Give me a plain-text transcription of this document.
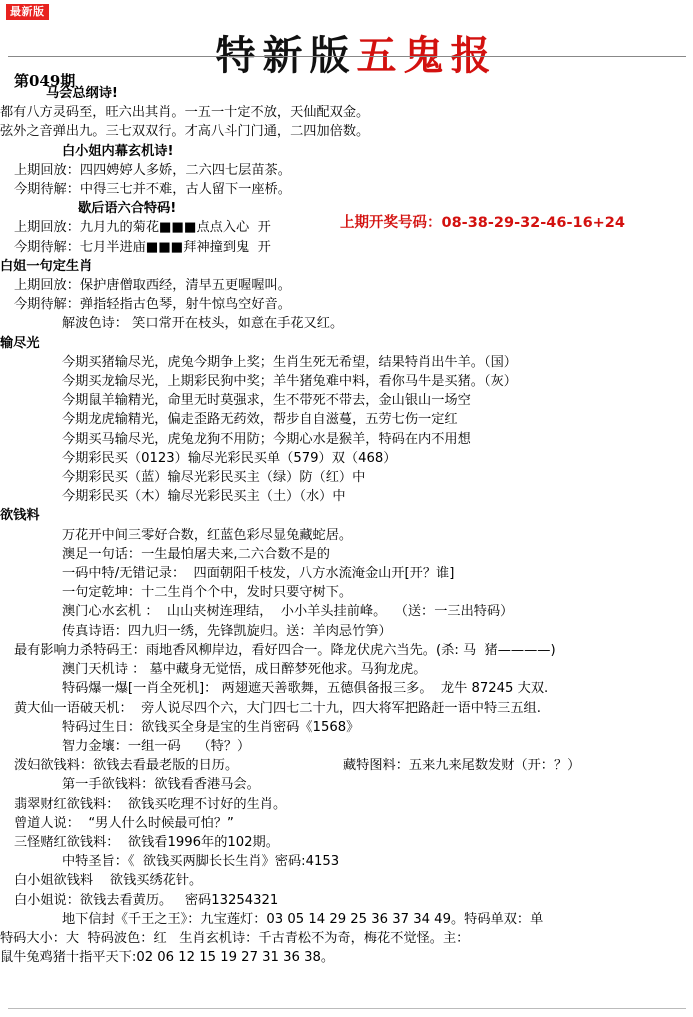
最新版
特新版五鬼报
第049期
马会总纲诗!
都有八方灵码至，旺六出其肖。一五一十定不放，天仙配双金。
弦外之音弹出九。三七双双行。才高八斗门门通，二四加倍数。
白小姐内幕玄机诗!
上期回放：四四娉婷人多娇，二六四七层苗茶。
今期待解：中得三七并不难，古人留下一座桥。
歇后语六合特码!
上期回放：九月九的菊花■■■点点入心  开
今期待解：七月半进庙■■■拜神撞到鬼  开
白姐一句定生肖
上期回放：保护唐僧取西经，清早五更喔喔叫。
今期待解：弹指轻指古色琴，射牛惊鸟空好音。
解波色诗： 笑口常开在枝头，如意在手花又红。
输尽光
今期买猪输尽光，虎兔今期争上奖；生肖生死无希望，结果特肖出牛羊。（国）
今期买龙输尽光，上期彩民狗中奖；羊牛猪兔难中料，看你马牛是买猪。（灰）
今期鼠羊输精光，命里无时莫强求，生不带死不带去，金山银山一场空
今期龙虎输精光，偏走歪路无药效，帮步自自滋蔓，五劳七伤一定红
今期买马输尽光，虎兔龙狗不用防；今期心水是猴羊，特码在内不用想
今期彩民买（0123）输尽光彩民买单（579）双（468）
今期彩民买（蓝）输尽光彩民买主（绿）防（红）中
今期彩民买（木）输尽光彩民买主（土）（水）中
欲钱料
万花开中间三零好合数，红蓝色彩尽显兔藏蛇居。
澳足一句话：一生最怕屠夫来,二六合数不是的
一码中特/无错记录：  四面朝阳千枝发，八方水流淹金山开[开？谁]
一句定乾坤：十二生肖个个中，发时只要守树下。
澳门心水玄机 ：  山山夹树连理结，  小小羊头挂前峰。  （送：一三出特码）
传真诗语：四九归一绣，先锋凯旋归。送：羊肉忌竹笋）
最有影响力杀特码王：雨地香风柳岸边，看好四合一。降龙伏虎六当先。(杀: 马  猪————)
澳门天机诗 ： 墓中藏身无觉悟，成日醉梦死他求。马狗龙虎。
特码爆一爆[一肖全死机]： 两翅遮天善歌舞，五德俱备报三多。  龙牛 87245 大双.
黄大仙一语破天机：  旁人说尽四个六，大门四七二十九，四大将军把路赶一语中特三五组.
特码过生日：欲钱买全身是宝的生肖密码《1568》
智力金壤：一组一码    （特？）
泼妇欲钱料：欲钱去看最老版的日历。                         藏特图料：五来九来尾数发财（开：？）
第一手欲钱料：欲钱看香港马会。
翡翠财红欲钱料：  欲钱买吃理不讨好的生肖。
曾道人说：  “男人什么时候最可怕？”
三怪赌红欲钱料：  欲钱看1996年的102期。
中特圣旨：《  欲钱买两脚长长生肖》密码:4153
白小姐欲钱料    欲钱买绣花针。
白小姐说：欲钱去看黄历。   密码13254321
地下信封《千王之王》：九宝莲灯：03 05 14 29 25 36 37 34 49。特码单双：单
特码大小：大  特码波色：红   生肖玄机诗：千古青松不为奇，梅花不觉怪。主：
鼠牛兔鸡猪十指平天下:02 06 12 15 19 27 31 36 38。
上期开奖号码：08-38-29-32-46-16+24
